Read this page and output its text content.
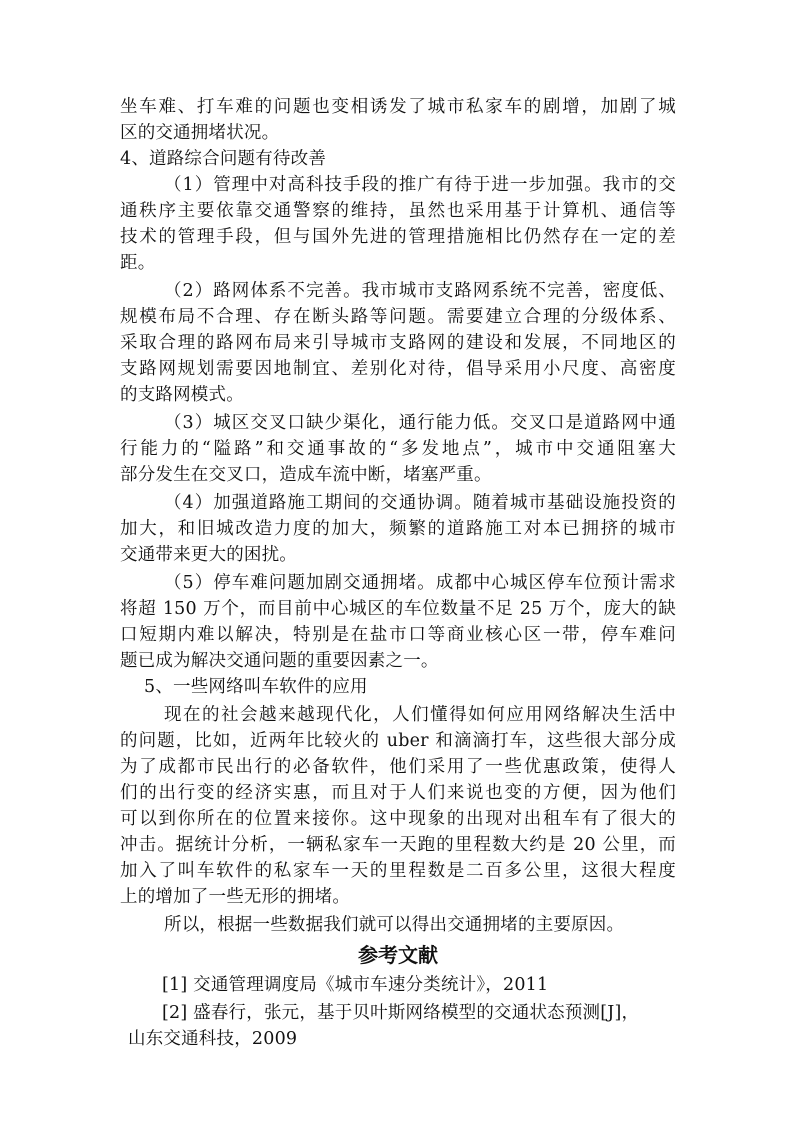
坐车难、打车难的问题也变相诱发了城市私家车的剧增，加剧了城
区的交通拥堵状况。
4、道路综合问题有待改善
（1）管理中对高科技手段的推广有待于进一步加强。我市的交
通秩序主要依靠交通警察的维持，虽然也采用基于计算机、通信等
技术的管理手段，但与国外先进的管理措施相比仍然存在一定的差
距。
（2）路网体系不完善。我市城市支路网系统不完善，密度低、
规模布局不合理、存在断头路等问题。需要建立合理的分级体系、
采取合理的路网布局来引导城市支路网的建设和发展，不同地区的
支路网规划需要因地制宜、差别化对待，倡导采用小尺度、高密度
的支路网模式。
（3）城区交叉口缺少渠化，通行能力低。交叉口是道路网中通
行能力的“隘路”和交通事故的“多发地点”，城市中交通阻塞大
部分发生在交叉口，造成车流中断，堵塞严重。
（4）加强道路施工期间的交通协调。随着城市基础设施投资的
加大，和旧城改造力度的加大，频繁的道路施工对本已拥挤的城市
交通带来更大的困扰。
（5）停车难问题加剧交通拥堵。成都中心城区停车位预计需求
将超 150 万个，而目前中心城区的车位数量不足 25 万个，庞大的缺
口短期内难以解决，特别是在盐市口等商业核心区一带，停车难问
题已成为解决交通问题的重要因素之一。
5、一些网络叫车软件的应用
现在的社会越来越现代化，人们懂得如何应用网络解决生活中
的问题，比如，近两年比较火的 uber 和滴滴打车，这些很大部分成
为了成都市民出行的必备软件，他们采用了一些优惠政策，使得人
们的出行变的经济实惠，而且对于人们来说也变的方便，因为他们
可以到你所在的位置来接你。这中现象的出现对出租车有了很大的
冲击。据统计分析，一辆私家车一天跑的里程数大约是 20 公里，而
加入了叫车软件的私家车一天的里程数是二百多公里，这很大程度
上的增加了一些无形的拥堵。
所以，根据一些数据我们就可以得出交通拥堵的主要原因。
参考文献
[1] 交通管理调度局《城市车速分类统计》，2011
[2] 盛春行，张元，基于贝叶斯网络模型的交通状态预测[J]，
山东交通科技，2009
